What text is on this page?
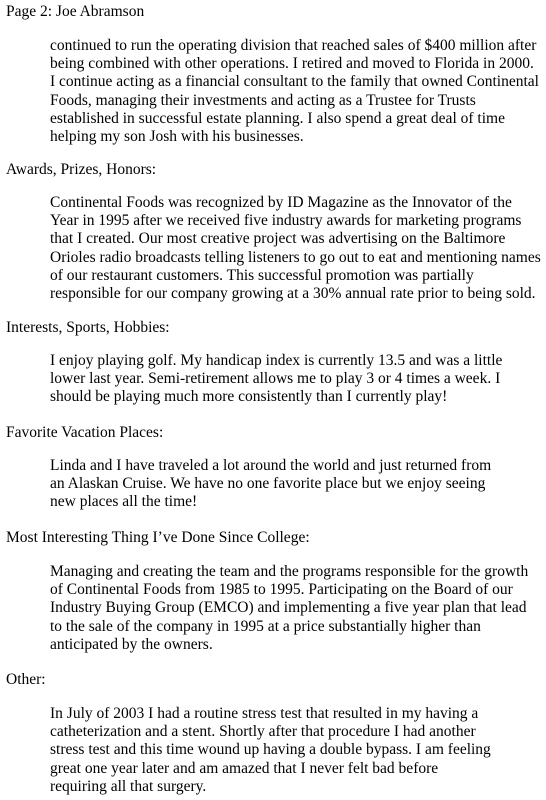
Page 2: Joe Abramson
continued to run the operating division that reached sales of $400 million after
being combined with other operations. I retired and moved to Florida in 2000.
I continue acting as a financial consultant to the family that owned Continental
Foods, managing their investments and acting as a Trustee for Trusts
established in successful estate planning. I also spend a great deal of time
helping my son Josh with his businesses.
Awards, Prizes, Honors:
Continental Foods was recognized by ID Magazine as the Innovator of the
Year in 1995 after we received five industry awards for marketing programs
that I created. Our most creative project was advertising on the Baltimore
Orioles radio broadcasts telling listeners to go out to eat and mentioning names
of our restaurant customers. This successful promotion was partially
responsible for our company growing at a 30% annual rate prior to being sold.
Interests, Sports, Hobbies:
I enjoy playing golf. My handicap index is currently 13.5 and was a little
lower last year. Semi-retirement allows me to play 3 or 4 times a week. I
should be playing much more consistently than I currently play!
Favorite Vacation Places:
Linda and I have traveled a lot around the world and just returned from
an Alaskan Cruise. We have no one favorite place but we enjoy seeing
new places all the time!
Most Interesting Thing I’ve Done Since College:
Managing and creating the team and the programs responsible for the growth
of Continental Foods from 1985 to 1995. Participating on the Board of our
Industry Buying Group (EMCO) and implementing a five year plan that lead
to the sale of the company in 1995 at a price substantially higher than
anticipated by the owners.
Other:
In July of 2003 I had a routine stress test that resulted in my having a
catheterization and a stent. Shortly after that procedure I had another
stress test and this time wound up having a double bypass. I am feeling
great one year later and am amazed that I never felt bad before
requiring all that surgery.
